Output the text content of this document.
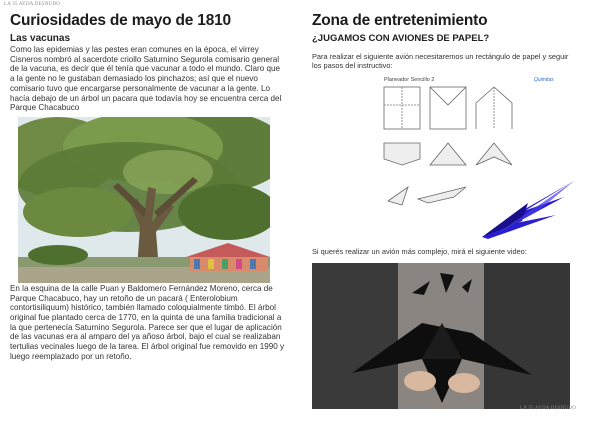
LA 35 AYDA DESNUDO
Curiosidades de mayo de 1810
Las vacunas

Como las epidemias y las pestes eran comunes en la época, el virrey Cisneros nombró al sacerdote criollo Saturnino Segurola comisario general de la vacuna, es decir que él tenía que vacunar a todo el mundo. Claro que a la gente no le gustaban demasiado los pinchazos; así que el nuevo comisario tuvo que encargarse personalmente de vacunar a la gente. Lo hacía debajo de un árbol un pacara que todavía hoy se encuentra cerca del Parque Chacabuco

En la esquina de la calle Puan y Baldomero Fernández Moreno, cerca de Parque Chacabuco, hay un retoño de un pacará ( Enterolobium contortisiliquum) histórico, también llamado coloquialmente timbó. El árbol original fue plantado cerca de 1770, en la quinta de una familia tradicional a la que pertenecía Saturnino Segurola. Parece ser que el lugar de aplicación de las vacunas era al amparo del ya añoso árbol, bajo el cual se realizaban tertulias vecinales luego de la tarea. El árbol original fue removido en 1990 y luego reemplazado por un retoño.

Zona de entretenimiento
¿JUGAMOS CON AVIONES DE PAPEL?

Para realizar el siguiente avión necesitaremos un rectángulo de papel y seguir los pasos del instructivo:

Planeador Sencillo 2	Quimitas

Si querés realizar un avión más complejo, mirá el siguiente video:

LA 35 AYDA DESNUDO
